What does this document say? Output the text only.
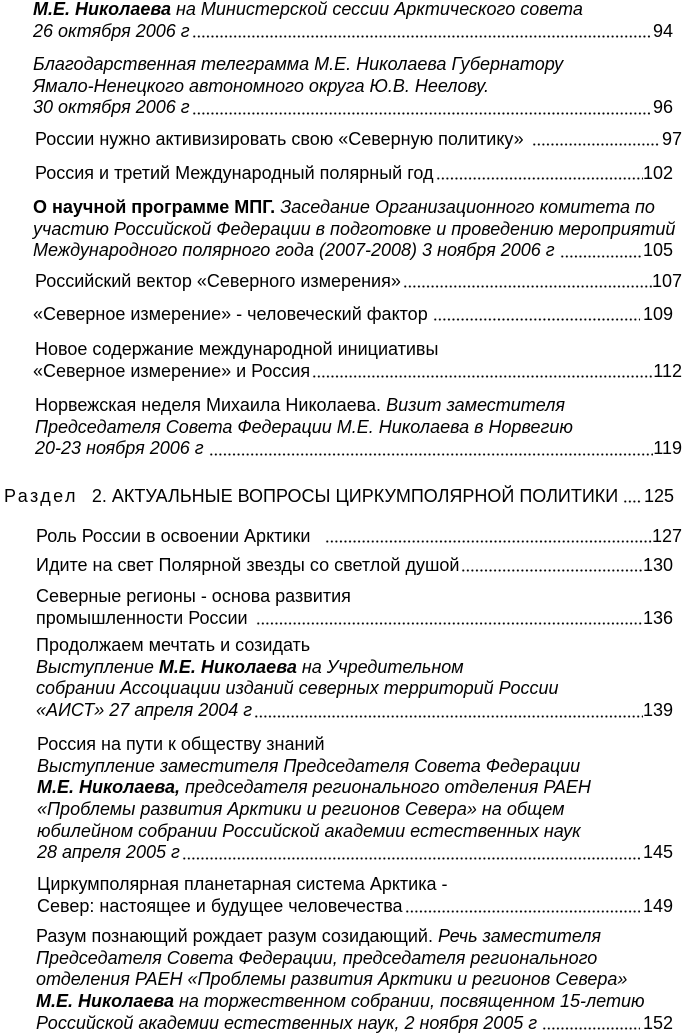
М.Е. Николаева на Министерской сессии Арктического совета
26 октября 2006 г	94
Благодарственная телеграмма М.Е. Николаева Губернатору
Ямало-Ненецкого автономного округа Ю.В. Неелову.
30 октября 2006 г	96
России нужно активизировать свою «Северную политику»	97
Россия и третий Международный полярный год	102
О научной программе МПГ. Заседание Организационного комитета по
участию Российской Федерации в подготовке и проведению мероприятий
Международного полярного года (2007-2008) 3 ноября 2006 г	105
Российский вектор «Северного измерения»	107
«Северное измерение» - человеческий фактор	109
Новое содержание международной инициативы
«Северное измерение» и Россия	112
Норвежская неделя Михаила Николаева. Визит заместителя
Председателя Совета Федерации М.Е. Николаева в Норвегию
20-23 ноября 2006 г	119
Раздел 2. АКТУАЛЬНЫЕ ВОПРОСЫ ЦИРКУМПОЛЯРНОЙ ПОЛИТИКИ 125
Роль России в освоении Арктики	127
Идите на свет Полярной звезды со светлой душой	130
Северные регионы - основа развития
промышленности России	136
Продолжаем мечтать и созидать
Выступление М.Е. Николаева на Учредительном
собрании Ассоциации изданий северных территорий России
«АИСТ» 27 апреля 2004 г	139
Россия на пути к обществу знаний
Выступление заместителя Председателя Совета Федерации
М.Е. Николаева, председателя регионального отделения РАЕН
«Проблемы развития Арктики и регионов Севера» на общем
юбилейном собрании Российской академии естественных наук
28 апреля 2005 г	145
Циркумполярная планетарная система Арктика -
Север: настоящее и будущее человечества	149
Разум познающий рождает разум созидающий. Речь заместителя
Председателя Совета Федерации, председателя регионального
отделения РАЕН «Проблемы развития Арктики и регионов Севера»
М.Е. Николаева на торжественном собрании, посвященном 15-летию
Российской академии естественных наук, 2 ноября 2005 г	152
